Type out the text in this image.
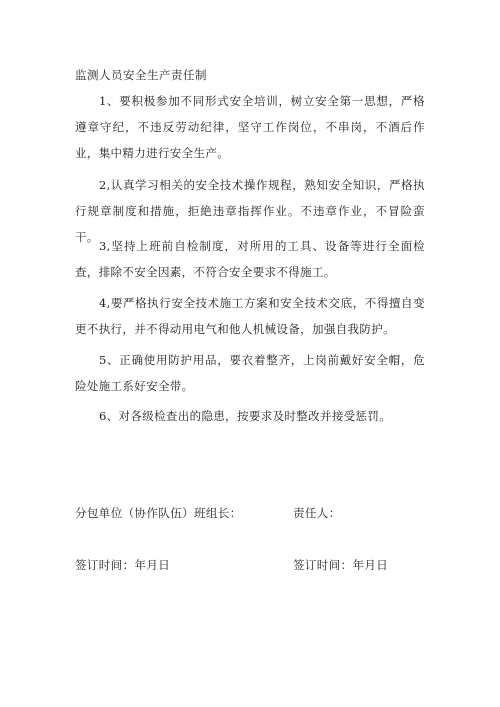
监测人员安全生产责任制
1、要积极参加不同形式安全培训，树立安全第一思想，严格遵章守纪，不违反劳动纪律，坚守工作岗位，不串岗，不酒后作业，集中精力进行安全生产。
2,认真学习相关的安全技术操作规程，熟知安全知识，严格执行规章制度和措施，拒絶违章指挥作业。不违章作业，不冒险蛮干。
3,坚持上班前自检制度，对所用的工具、设备等进行全面检查，排除不安全因素，不符合安全要求不得施工。
4,要严格执行安全技术施工方案和安全技术交底，不得擅自变更不执行，并不得动用电气和他人机械设备，加强自我防护。
5、正确使用防护用品，要衣着整齐，上岗前戴好安全帽，危险处施工系好安全带。
6、对各级检查出的隐患，按要求及时整改并接受惩罚。
分包单位（协作队伍）班组长：	责任人：
签订时间：年月日	签订时间：年月日
